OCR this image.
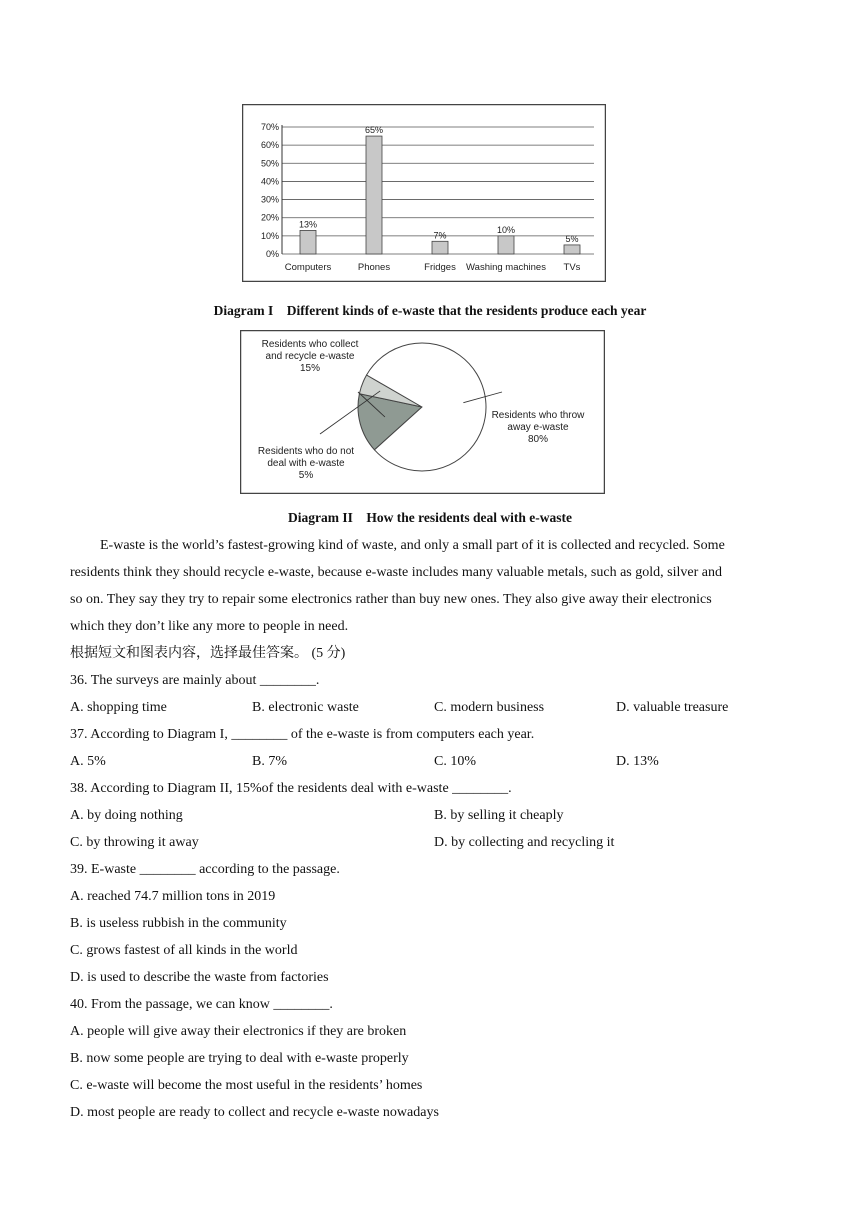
0%
10%
20%
30%
40%
50%
60%
70%
13%
65%
7%
10%
5%
Computers	Phones	Fridges Washing machines TVs
Diagram I    Different kinds of e-waste that the residents produce each year
Residents who collect
and recycle e-waste
15%
Residents who do not
deal with e-waste
5%
Residents who throw
away e-waste
80%
Diagram II    How the residents deal with e-waste
E-waste is the world’s fastest-growing kind of waste, and only a small part of it is collected and recycled. Some
residents think they should recycle e-waste, because e-waste includes many valuable metals, such as gold, silver and
so on. They say they try to repair some electronics rather than buy new ones. They also give away their electronics
which they don’t like any more to people in need.
根据短文和图表内容，选择最佳答案。 (5 分)
36. The surveys are mainly about ________.
A. shopping time	B. electronic waste	C. modern business	D. valuable treasure
37. According to Diagram I, ________ of the e-waste is from computers each year.
A. 5%	B. 7%	C. 10%	D. 13%
38. According to Diagram II, 15%of the residents deal with e-waste ________.
A. by doing nothing	B. by selling it cheaply
C. by throwing it away	D. by collecting and recycling it
39. E-waste ________ according to the passage.
A. reached 74.7 million tons in 2019
B. is useless rubbish in the community
C. grows fastest of all kinds in the world
D. is used to describe the waste from factories
40. From the passage, we can know ________.
A. people will give away their electronics if they are broken
B. now some people are trying to deal with e-waste properly
C. e-waste will become the most useful in the residents’ homes
D. most people are ready to collect and recycle e-waste nowadays
